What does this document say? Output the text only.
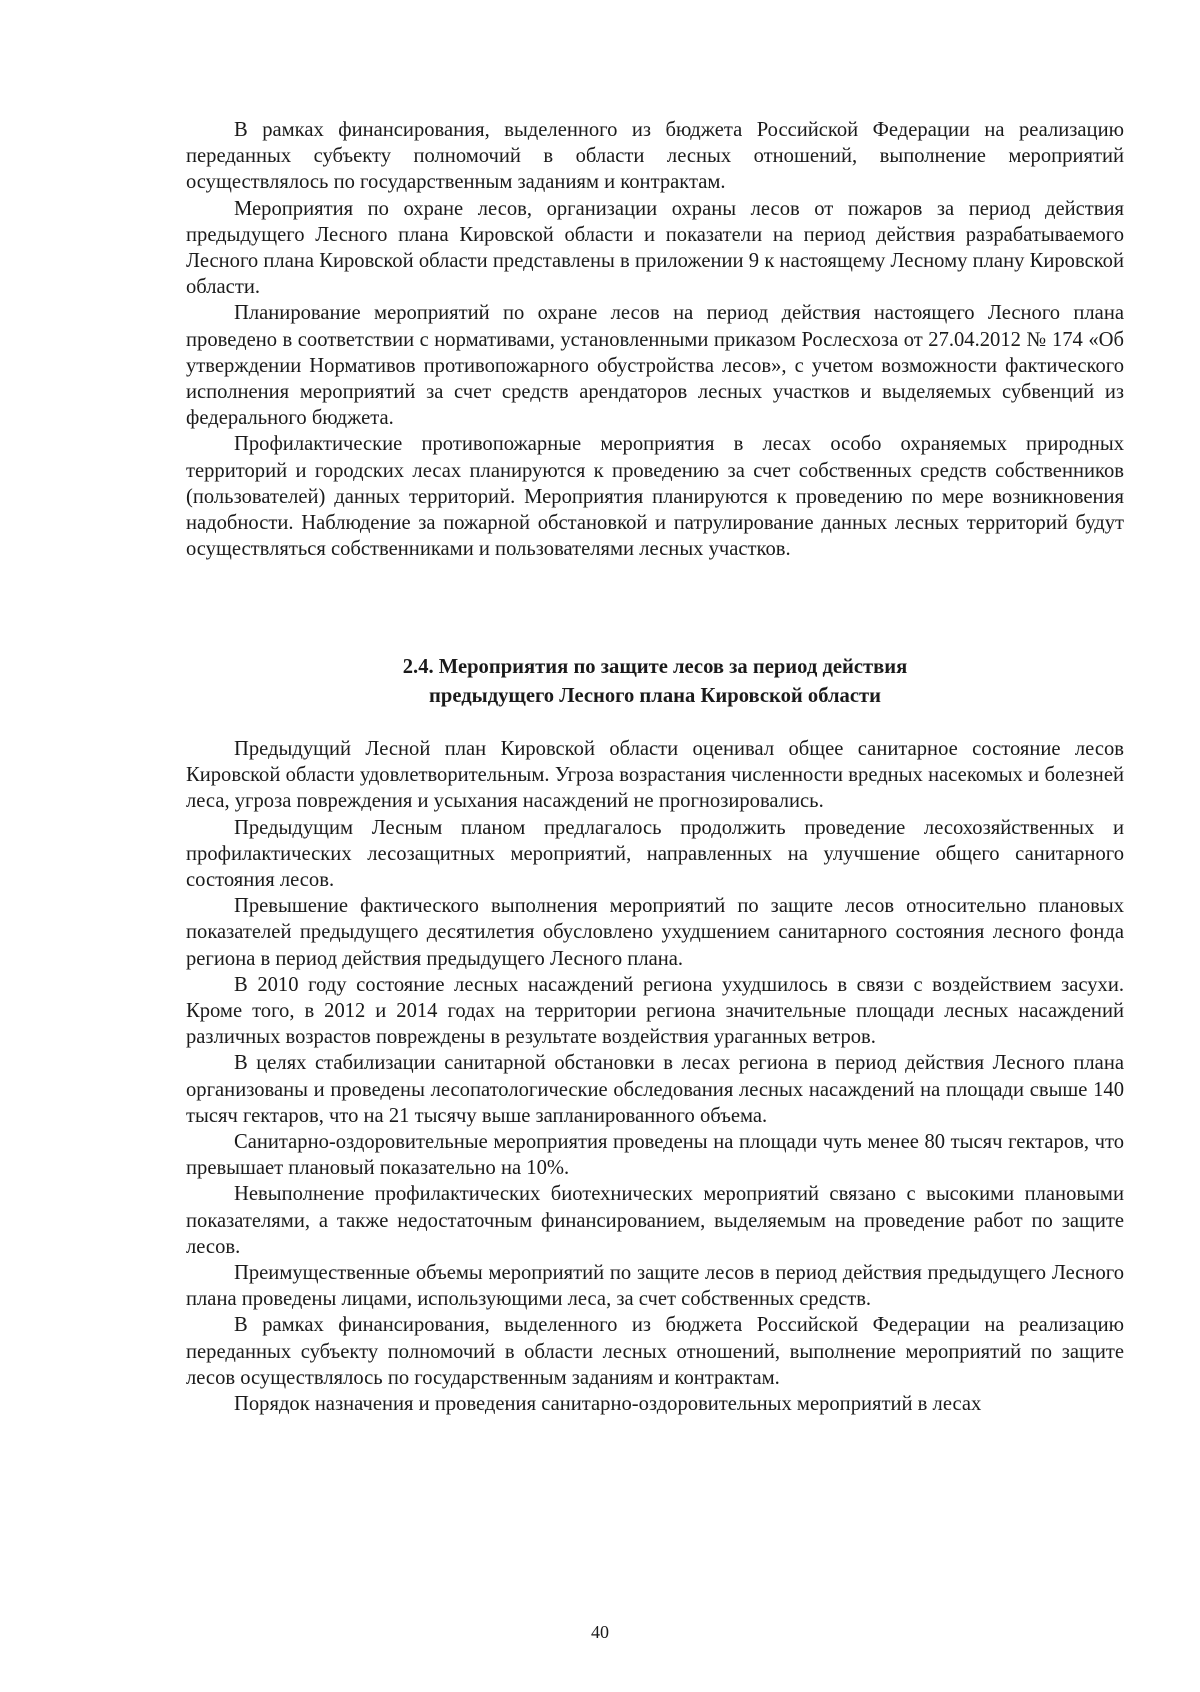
В рамках финансирования, выделенного из бюджета Российской Федерации на реализацию переданных субъекту полномочий в области лесных отношений, выполнение мероприятий осуществлялось по государственным заданиям и контрактам.

Мероприятия по охране лесов, организации охраны лесов от пожаров за период действия предыдущего Лесного плана Кировской области и показатели на период действия разрабатываемого Лесного плана Кировской области представлены в приложении 9 к настоящему Лесному плану Кировской области.

Планирование мероприятий по охране лесов на период действия настоящего Лесного плана проведено в соответствии с нормативами, установленными приказом Рослесхоза от 27.04.2012 № 174 «Об утверждении Нормативов противопожарного обустройства лесов», с учетом возможности фактического исполнения мероприятий за счет средств арендаторов лесных участков и выделяемых субвенций из федерального бюджета.

Профилактические противопожарные мероприятия в лесах особо охраняемых природных территорий и городских лесах планируются к проведению за счет собственных средств собственников (пользователей) данных территорий. Мероприятия планируются к проведению по мере возникновения надобности. Наблюдение за пожарной обстановкой и патрулирование данных лесных территорий будут осуществляться собственниками и пользователями лесных участков.

2.4. Мероприятия по защите лесов за период действия
предыдущего Лесного плана Кировской области

Предыдущий Лесной план Кировской области оценивал общее санитарное состояние лесов Кировской области удовлетворительным. Угроза возрастания численности вредных насекомых и болезней леса, угроза повреждения и усыхания насаждений не прогнозировались.

Предыдущим Лесным планом предлагалось продолжить проведение лесохозяйственных и профилактических лесозащитных мероприятий, направленных на улучшение общего санитарного состояния лесов.

Превышение фактического выполнения мероприятий по защите лесов относительно плановых показателей предыдущего десятилетия обусловлено ухудшением санитарного состояния лесного фонда региона в период действия предыдущего Лесного плана.

В 2010 году состояние лесных насаждений региона ухудшилось в связи с воздействием засухи. Кроме того, в 2012 и 2014 годах на территории региона значительные площади лесных насаждений различных возрастов повреждены в результате воздействия ураганных ветров.

В целях стабилизации санитарной обстановки в лесах региона в период действия Лесного плана организованы и проведены лесопатологические обследования лесных насаждений на площади свыше 140 тысяч гектаров, что на 21 тысячу выше запланированного объема.

Санитарно-оздоровительные мероприятия проведены на площади чуть менее 80 тысяч гектаров, что превышает плановый показательно на 10%.

Невыполнение профилактических биотехнических мероприятий связано с высокими плановыми показателями, а также недостаточным финансированием, выделяемым на проведение работ по защите лесов.

Преимущественные объемы мероприятий по защите лесов в период действия предыдущего Лесного плана проведены лицами, использующими леса, за счет собственных средств.

В рамках финансирования, выделенного из бюджета Российской Федерации на реализацию переданных субъекту полномочий в области лесных отношений, выполнение мероприятий по защите лесов осуществлялось по государственным заданиям и контрактам.

Порядок назначения и проведения санитарно-оздоровительных мероприятий в лесах

40
